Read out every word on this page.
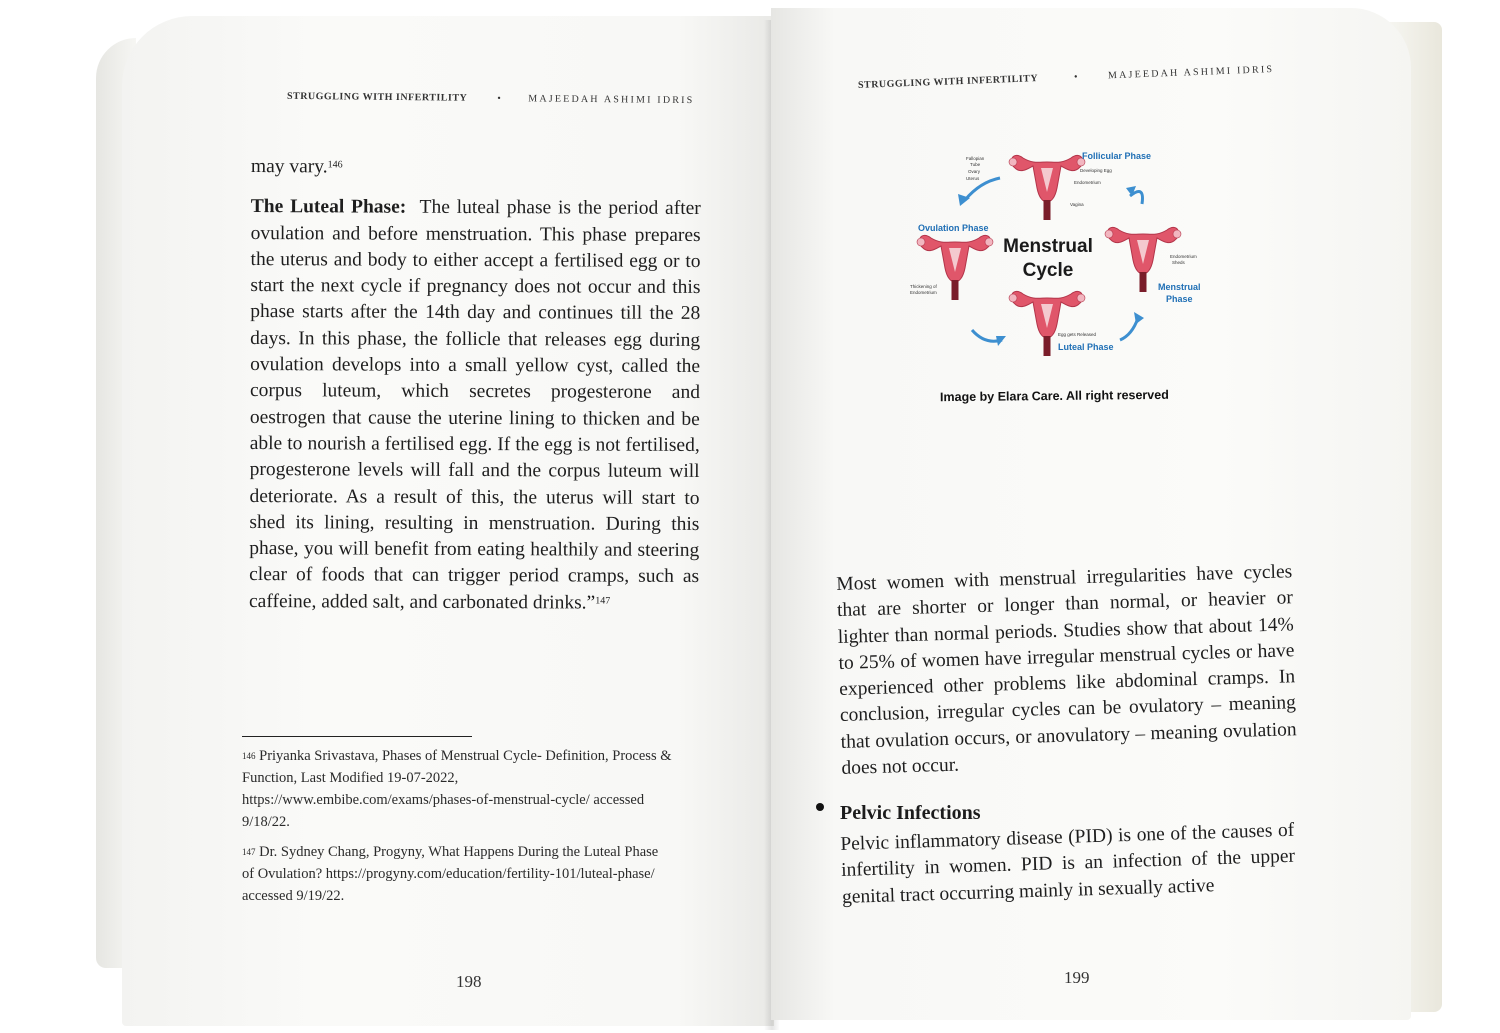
STRUGGLING WITH INFERTILITY	•	MAJEEDAH ASHIMI IDRIS

may vary.$^{146}$

The Luteal Phase: The luteal phase is the period after ovulation and before menstruation. This phase prepares the uterus and body to either accept a fertilised egg or to start the next cycle if pregnancy does not occur and this phase starts after the 14th day and continues till the 28 days. In this phase, the follicle that releases egg during ovulation develops into a small yellow cyst, called the corpus luteum, which secretes progesterone and oestrogen that cause the uterine lining to thicken and be able to nourish a fertilised egg. If the egg is not fertilised, progesterone levels will fall and the corpus luteum will deteriorate. As a result of this, the uterus will start to shed its lining, resulting in menstruation. During this phase, you will benefit from eating healthily and steering clear of foods that can trigger period cramps, such as caffeine, added salt, and carbonated drinks.”$^{147}$

$^{146}$ Priyanka Srivastava, Phases of Menstrual Cycle- Definition, Process & Function, Last Modified 19-07-2022, https://www.embibe.com/exams/phases-of-menstrual-cycle/ accessed 9/18/22.

$^{147}$ Dr. Sydney Chang, Progyny, What Happens During the Luteal Phase of Ovulation? https://progyny.com/education/fertility-101/luteal-phase/ accessed 9/19/22.

198
STRUGGLING WITH INFERTILITY	•	MAJEEDAH ASHIMI IDRIS
Menstrual
Cycle
Follicular Phase
Ovulation Phase
Menstrual
Phase
Luteal Phase
Fallopian
Tube
Ovary
Uterus
Developing Egg
Endometrium
Vagina
Thickening of
Endometrium
Endometrium
Sheds
Egg gets Released
Image by Elara Care. All right reserved

Most women with menstrual irregularities have cycles that are shorter or longer than normal, or heavier or lighter than normal periods. Studies show that about 14% to 25% of women have irregular menstrual cycles or have experienced other problems like abdominal cramps. In conclusion, irregular cycles can be ovulatory – meaning that ovulation occurs, or anovulatory – meaning ovulation does not occur.

Pelvic Infections

Pelvic inflammatory disease (PID) is one of the causes of infertility in women. PID is an infection of the upper genital tract occurring mainly in sexually active

199
